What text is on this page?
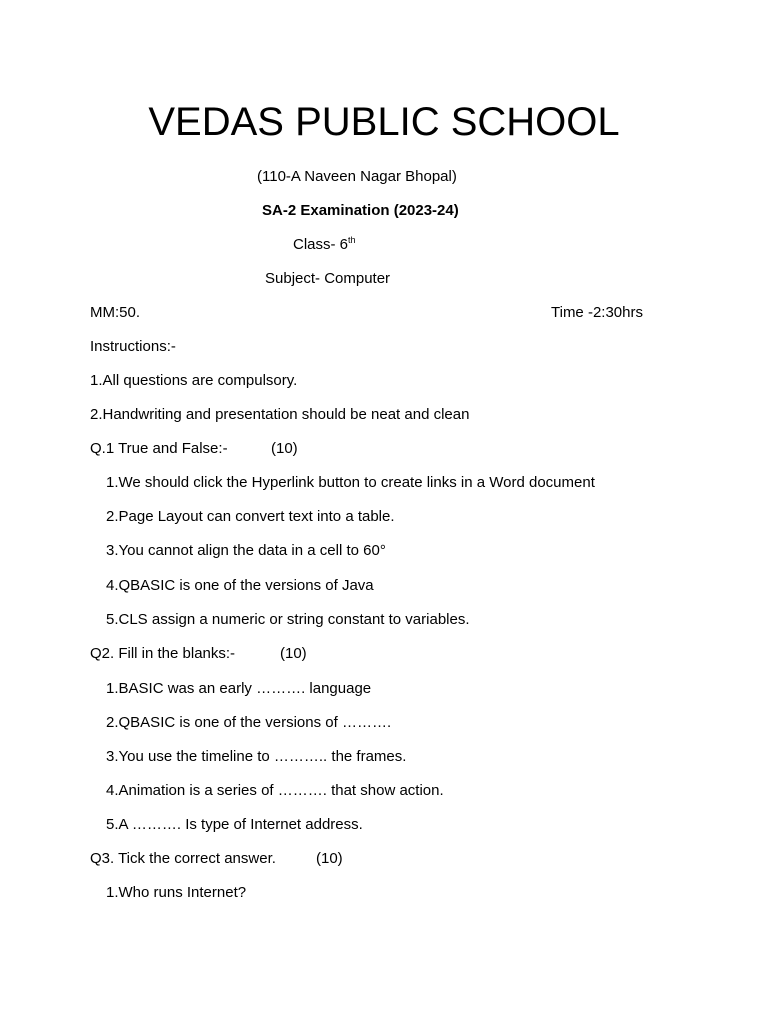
VEDAS PUBLIC SCHOOL
(110-A Naveen Nagar Bhopal)
SA-2 Examination (2023-24)
Class- 6th
Subject- Computer
MM:50.	Time -2:30hrs
Instructions:-
1.All questions are compulsory.
2.Handwriting and presentation should be neat and clean
Q.1 True and False:-	(10)
1.We should click the Hyperlink button to create links in a Word document
2.Page Layout can convert text into a table.
3.You cannot align the data in a cell to 60°
4.QBASIC is one of the versions of Java
5.CLS assign a numeric or string constant to variables.
Q2. Fill in the blanks:-	(10)
1.BASIC was an early ………. language
2.QBASIC is one of the versions of ……….
3.You use the timeline to ……….. the frames.
4.Animation is a series of ………. that show action.
5.A ………. Is type of Internet address.
Q3. Tick the correct answer.	(10)
1.Who runs Internet?
